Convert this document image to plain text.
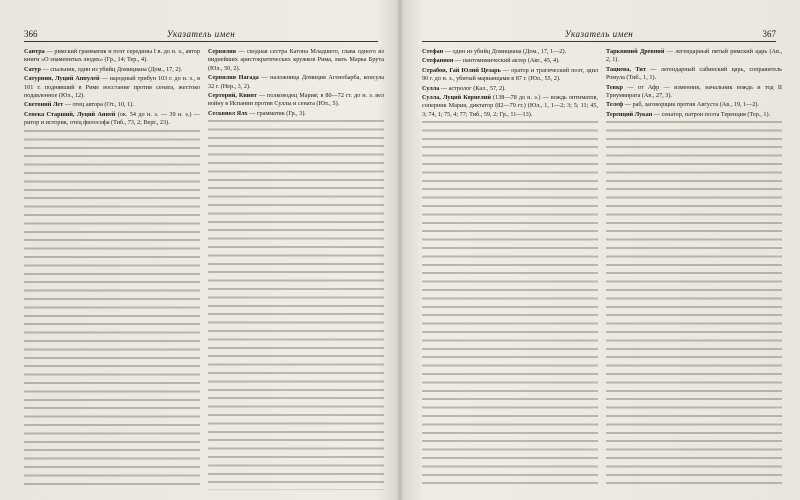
366	Указатель имен

Сантра — римский грамматик и поэт середины I в. до н. э., автор книги «О знаменитых людях» (Гр., 14; Тер., 4).

Сатур — спальник, один из убийц Домициана (Дом., 17, 2).

Сатурнин, Луций Аппулей — народный трибун 103 г. до н. э., в 101 г. поднявший в Риме восстание против сената, жестоко подавленное (Юл., 12).

Светоний Лет — отец автора (От., 10, 1).

Сенека Старший, Луций Анней (ок. 54 до н. э. — 39 н. э.) — ритор и историк, отец философа (Тиб., 73, 2; Верг., 23).

Сервилия — сводная сестра Катона Младшего, глава одного из виднейших аристократических кружков Рима, мать Марка Брута (Юл., 50, 2).

Сервилия Нагада — наложница Домиция Агенобарба, консула 32 г. (Нер., 3, 2).

Серторий, Квинт — полководец Мария; в 80—72 гг. до н. э. вел войну в Испании против Суллы и сената (Юл., 5).

Сесквиол Ялх — грамматик (Гр., 3).

Указатель имен	367

Стефан — один из убийц Домициана (Дом., 17, 1—2).

Стефанион — пантомимический актер (Авг., 45, 4).

Страбон, Гай Юлий Цезарь — оратор и трагический поэт, эдил 90 г. до н. э., убитый марианцами в 87 г. (Юл., 55, 2).

Сулла — астролог (Кал., 57, 2).

Сулла, Луций Корнелий (138—78 до н. э.) — вождь оптиматов, соперник Мария, диктатор (82—79 гг.) (Юл., 1, 1—2; 3; 5; 11; 45, 3; 74, 1; 75, 4; 77; Тиб., 59, 2; Гр., 11—13).

Тарквиний Древний — легендарный пятый римский царь (Ав., 2, 1).

Тациева, Тит — легендарный сабинский царь, соправитель Ромула (Тиб., 1, 1).

Тевкр — от Афр — изменник, начальник вождь и тод II Триумвирата (Ав., 27, 3).

Телеф — раб, заговорщик против Августа (Ав., 19, 1—2).

Теренций Лукан — сенатор, патрон поэта Теренция (Тер., 1).
